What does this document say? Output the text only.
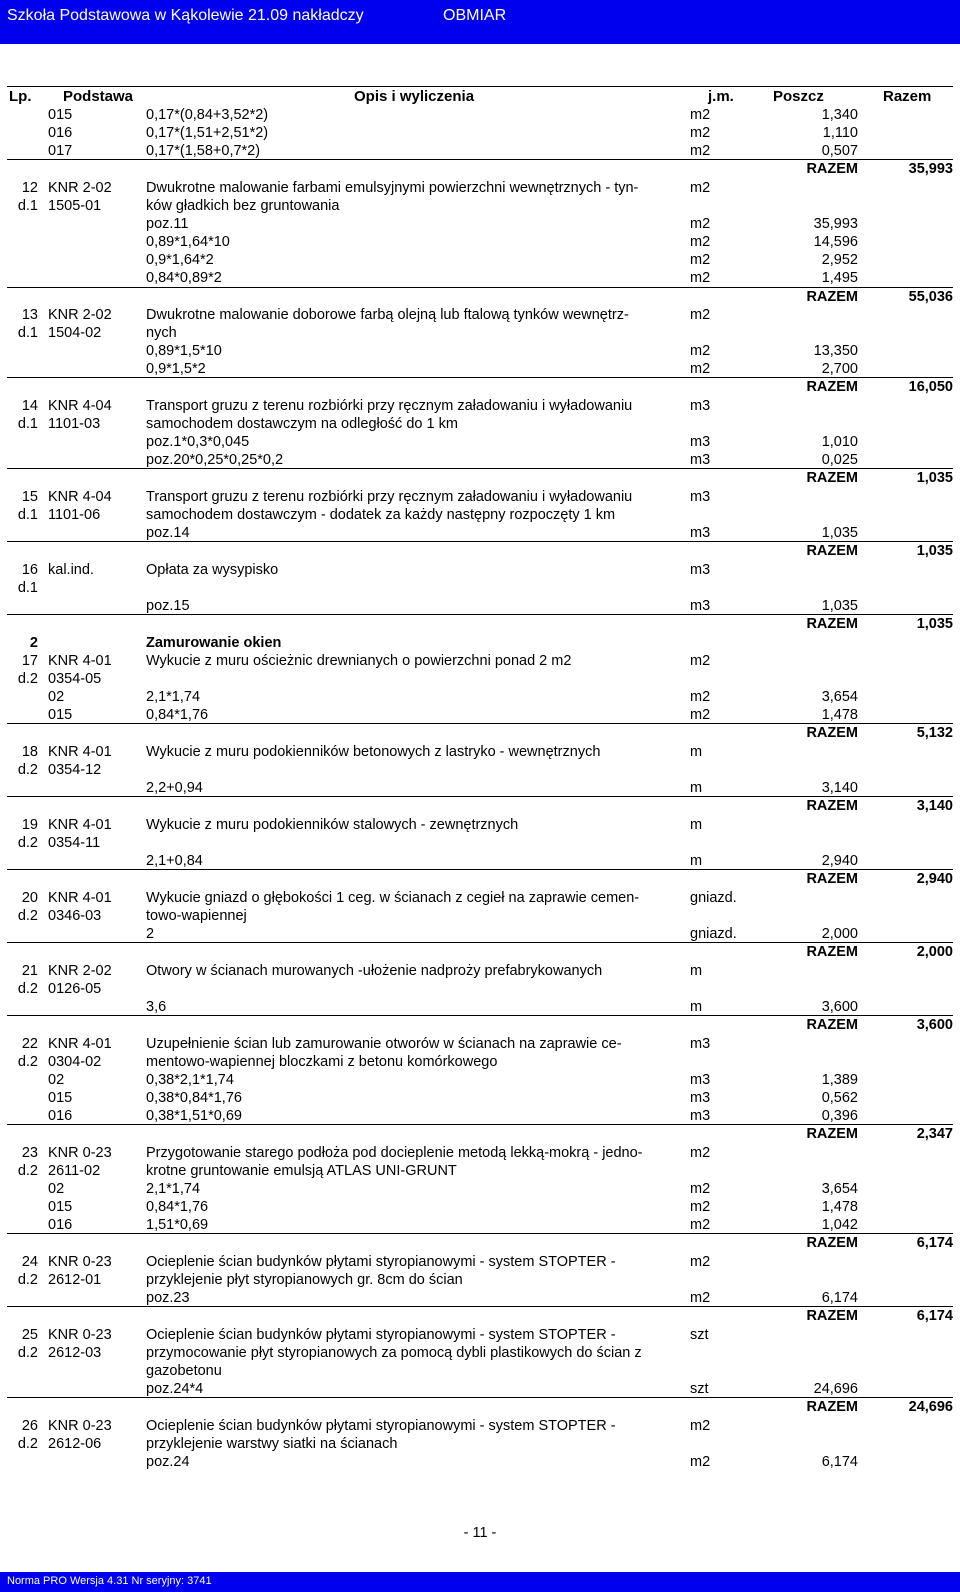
Szkoła Podstawowa w Kąkolewie 21.09 nakładczy	OBMIAR
Lp. Podstawa	Opis i wyliczenia	j.m.	Poszcz	Razem
015	0,17*(0,84+3,52*2)	m2	1,340
016	0,17*(1,51+2,51*2)	m2	1,110
017	0,17*(1,58+0,7*2)	m2	0,507
RAZEM	35,993
12 KNR 2-02	Dwukrotne malowanie farbami emulsyjnymi powierzchni wewnętrznych - tyn-	m2
d.1 1505-01	ków gładkich bez gruntowania
poz.11	m2	35,993
0,89*1,64*10	m2	14,596
0,9*1,64*2	m2	2,952
0,84*0,89*2	m2	1,495
RAZEM	55,036
13 KNR 2-02	Dwukrotne malowanie doborowe farbą olejną lub ftalową tynków wewnętrz-	m2
d.1 1504-02	nych
0,89*1,5*10	m2	13,350
0,9*1,5*2	m2	2,700
RAZEM	16,050
14 KNR 4-04	Transport gruzu z terenu rozbiórki przy ręcznym załadowaniu i wyładowaniu	m3
d.1 1101-03	samochodem dostawczym na odległość do 1 km
poz.1*0,3*0,045	m3	1,010
poz.20*0,25*0,25*0,2	m3	0,025
RAZEM	1,035
15 KNR 4-04	Transport gruzu z terenu rozbiórki przy ręcznym załadowaniu i wyładowaniu	m3
d.1 1101-06	samochodem dostawczym - dodatek za każdy następny rozpoczęty 1 km
poz.14	m3	1,035
RAZEM	1,035
16 kal.ind.	Opłata za wysypisko	m3
d.1
poz.15	m3	1,035
RAZEM	1,035
2	Zamurowanie okien
17 KNR 4-01	Wykucie z muru ościeżnic drewnianych o powierzchni ponad 2 m2	m2
d.2 0354-05
02	2,1*1,74	m2	3,654
015	0,84*1,76	m2	1,478
RAZEM	5,132
18 KNR 4-01	Wykucie z muru podokienników betonowych z lastryko - wewnętrznych	m
d.2 0354-12
2,2+0,94	m	3,140
RAZEM	3,140
19 KNR 4-01	Wykucie z muru podokienników stalowych - zewnętrznych	m
d.2 0354-11
2,1+0,84	m	2,940
RAZEM	2,940
20 KNR 4-01	Wykucie gniazd o głębokości 1 ceg. w ścianach z cegieł na zaprawie cemen-	gniazd.
d.2 0346-03	towo-wapiennej
2	gniazd.	2,000
RAZEM	2,000
21 KNR 2-02	Otwory w ścianach murowanych -ułożenie nadproży prefabrykowanych	m
d.2 0126-05
3,6	m	3,600
RAZEM	3,600
22 KNR 4-01	Uzupełnienie ścian lub zamurowanie otworów w ścianach na zaprawie ce-	m3
d.2 0304-02	mentowo-wapiennej bloczkami z betonu komórkowego
02	0,38*2,1*1,74	m3	1,389
015	0,38*0,84*1,76	m3	0,562
016	0,38*1,51*0,69	m3	0,396
RAZEM	2,347
23 KNR 0-23	Przygotowanie starego podłoża pod docieplenie metodą lekką-mokrą - jedno-	m2
d.2 2611-02	krotne gruntowanie emulsją ATLAS UNI-GRUNT
02	2,1*1,74	m2	3,654
015	0,84*1,76	m2	1,478
016	1,51*0,69	m2	1,042
RAZEM	6,174
24 KNR 0-23	Ocieplenie ścian budynków płytami styropianowymi - system STOPTER -	m2
d.2 2612-01	przyklejenie płyt styropianowych gr. 8cm do ścian
poz.23	m2	6,174
RAZEM	6,174
25 KNR 0-23	Ocieplenie ścian budynków płytami styropianowymi - system STOPTER -	szt
d.2 2612-03	przymocowanie płyt styropianowych za pomocą dybli plastikowych do ścian z
gazobetonu
poz.24*4	szt	24,696
RAZEM	24,696
26 KNR 0-23	Ocieplenie ścian budynków płytami styropianowymi - system STOPTER -	m2
d.2 2612-06	przyklejenie warstwy siatki na ścianach
poz.24	m2	6,174
- 11 -
Norma PRO Wersja 4.31 Nr seryjny: 3741
